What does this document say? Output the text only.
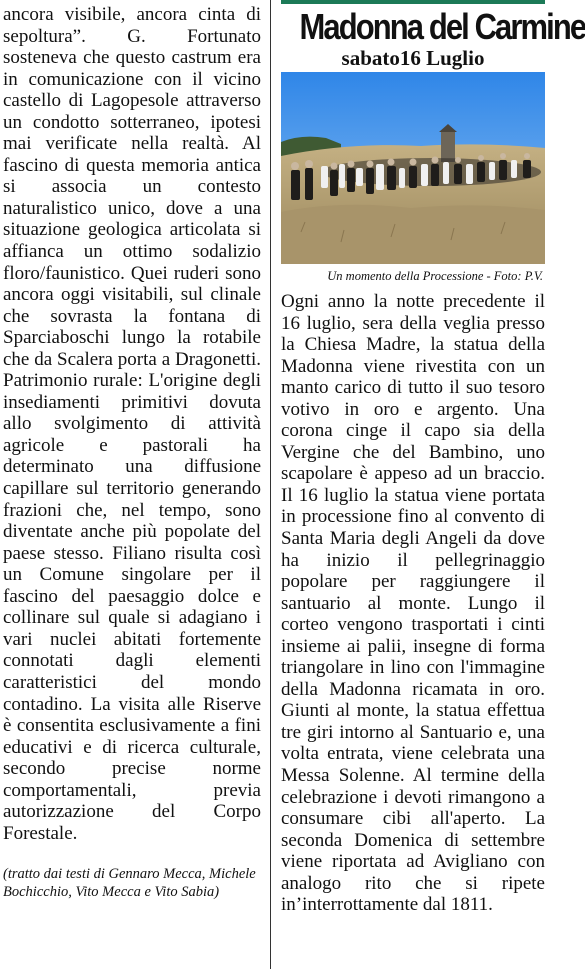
ancora visibile, ancora cinta di sepoltura”. G. Fortunato sosteneva che questo castrum era in comunicazione con il vicino castello di Lagopesole attraverso un condotto sotterraneo, ipotesi mai verificate nella realtà. Al fascino di questa memoria antica si associa un contesto naturalistico unico, dove a una situazione geologica articolata si affianca un ottimo sodalizio floro/faunistico. Quei ruderi sono ancora oggi visitabili, sul clinale che sovrasta la fontana di Sparciaboschi lungo la rotabile che da Scalera porta a Dragonetti. Patrimonio rurale: L'origine degli insediamenti primitivi dovuta allo svolgimento di attività agricole e pastorali ha determinato una diffusione capillare sul territorio generando frazioni che, nel tempo, sono diventate anche più popolate del paese stesso. Filiano risulta così un Comune singolare per il fascino del paesaggio dolce e collinare sul quale si adagiano i vari nuclei abitati fortemente connotati dagli elementi caratteristici del mondo contadino. La visita alle Riserve è consentita esclusivamente a fini educativi e di ricerca culturale, secondo precise norme comportamentali, previa autorizzazione del Corpo Forestale.

(tratto dai testi di Gennaro Mecca, Michele Bochicchio, Vito Mecca e Vito Sabia)
Madonna del Carmine
sabato16 Luglio
Un momento della Processione - Foto: P.V.

Ogni anno la notte precedente il 16 luglio, sera della veglia presso la Chiesa Madre, la statua della Madonna viene rivestita con un manto carico di tutto il suo tesoro votivo in oro e argento. Una corona cinge il capo sia della Vergine che del Bambino, uno scapolare è appeso ad un braccio. Il 16 luglio la statua viene portata in processione fino al convento di Santa Maria degli Angeli da dove ha inizio il pellegrinaggio popolare per raggiungere il santuario al monte. Lungo il corteo vengono trasportati i cinti insieme ai palii, insegne di forma triangolare in lino con l'immagine della Madonna ricamata in oro. Giunti al monte, la statua effettua tre giri intorno al Santuario e, una volta entrata, viene celebrata una Messa Solenne. Al termine della celebrazione i devoti rimangono a consumare cibi all'aperto. La seconda Domenica di settembre viene riportata ad Avigliano con analogo rito che si ripete in’interrottamente dal 1811.
